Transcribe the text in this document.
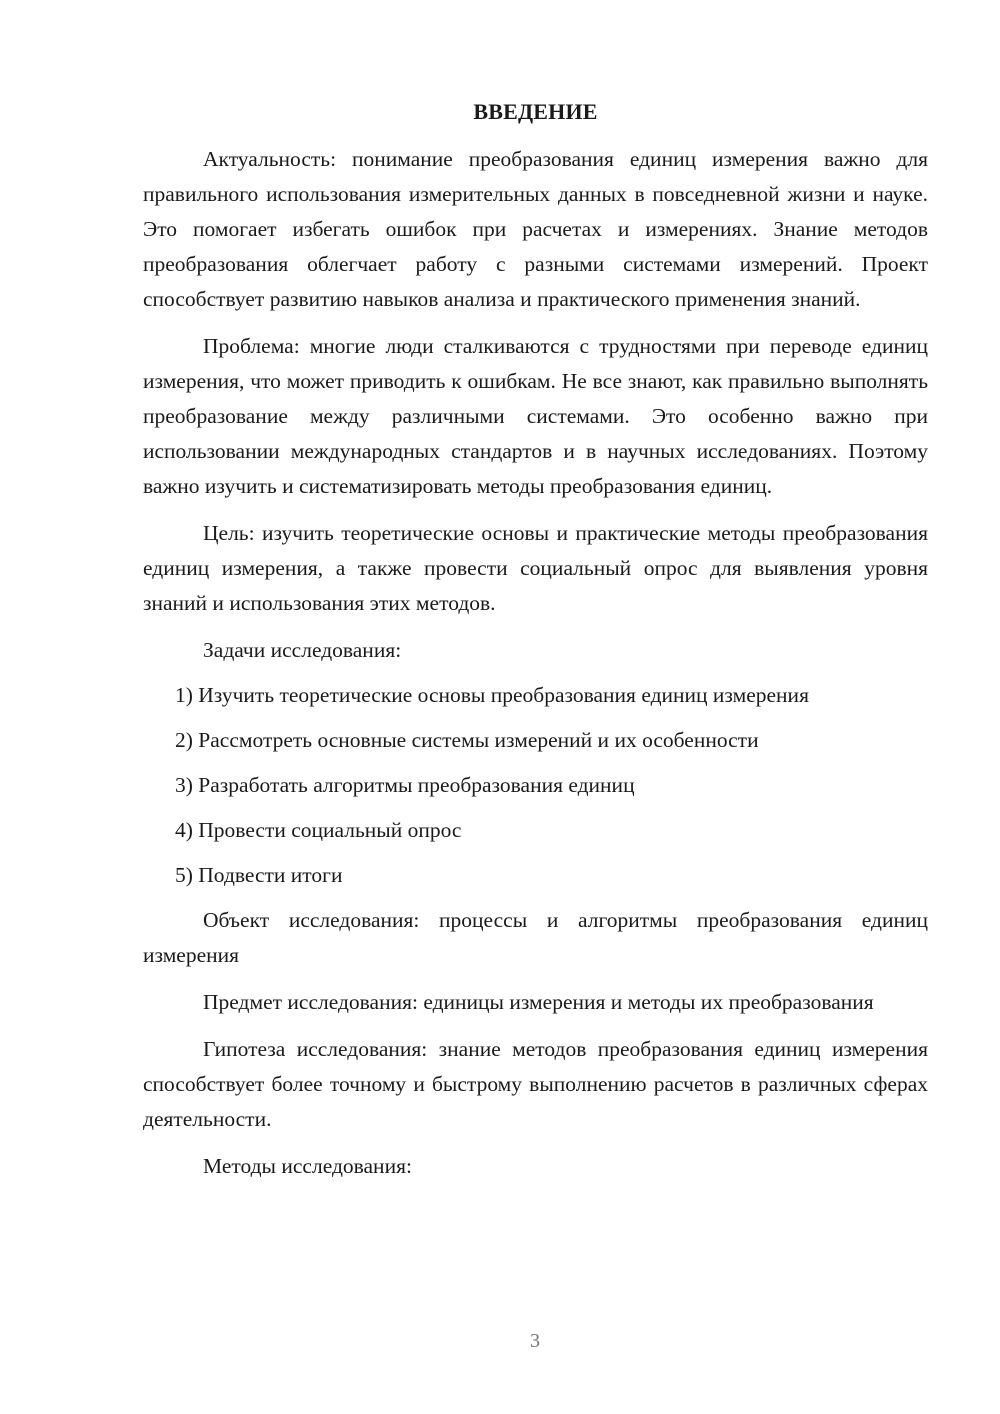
ВВЕДЕНИЕ

Актуальность: понимание преобразования единиц измерения важно для правильного использования измерительных данных в повседневной жизни и науке. Это помогает избегать ошибок при расчетах и измерениях. Знание методов преобразования облегчает работу с разными системами измерений. Проект способствует развитию навыков анализа и практического применения знаний.

Проблема: многие люди сталкиваются с трудностями при переводе единиц измерения, что может приводить к ошибкам. Не все знают, как правильно выполнять преобразование между различными системами. Это особенно важно при использовании международных стандартов и в научных исследованиях. Поэтому важно изучить и систематизировать методы преобразования единиц.

Цель: изучить теоретические основы и практические методы преобразования единиц измерения, а также провести социальный опрос для выявления уровня знаний и использования этих методов.

Задачи исследования:

1) Изучить теоретические основы преобразования единиц измерения
2) Рассмотреть основные системы измерений и их особенности
3) Разработать алгоритмы преобразования единиц
4) Провести социальный опрос
5) Подвести итоги

Объект исследования: процессы и алгоритмы преобразования единиц измерения

Предмет исследования: единицы измерения и методы их преобразования

Гипотеза исследования: знание методов преобразования единиц измерения способствует более точному и быстрому выполнению расчетов в различных сферах деятельности.

Методы исследования:

3
